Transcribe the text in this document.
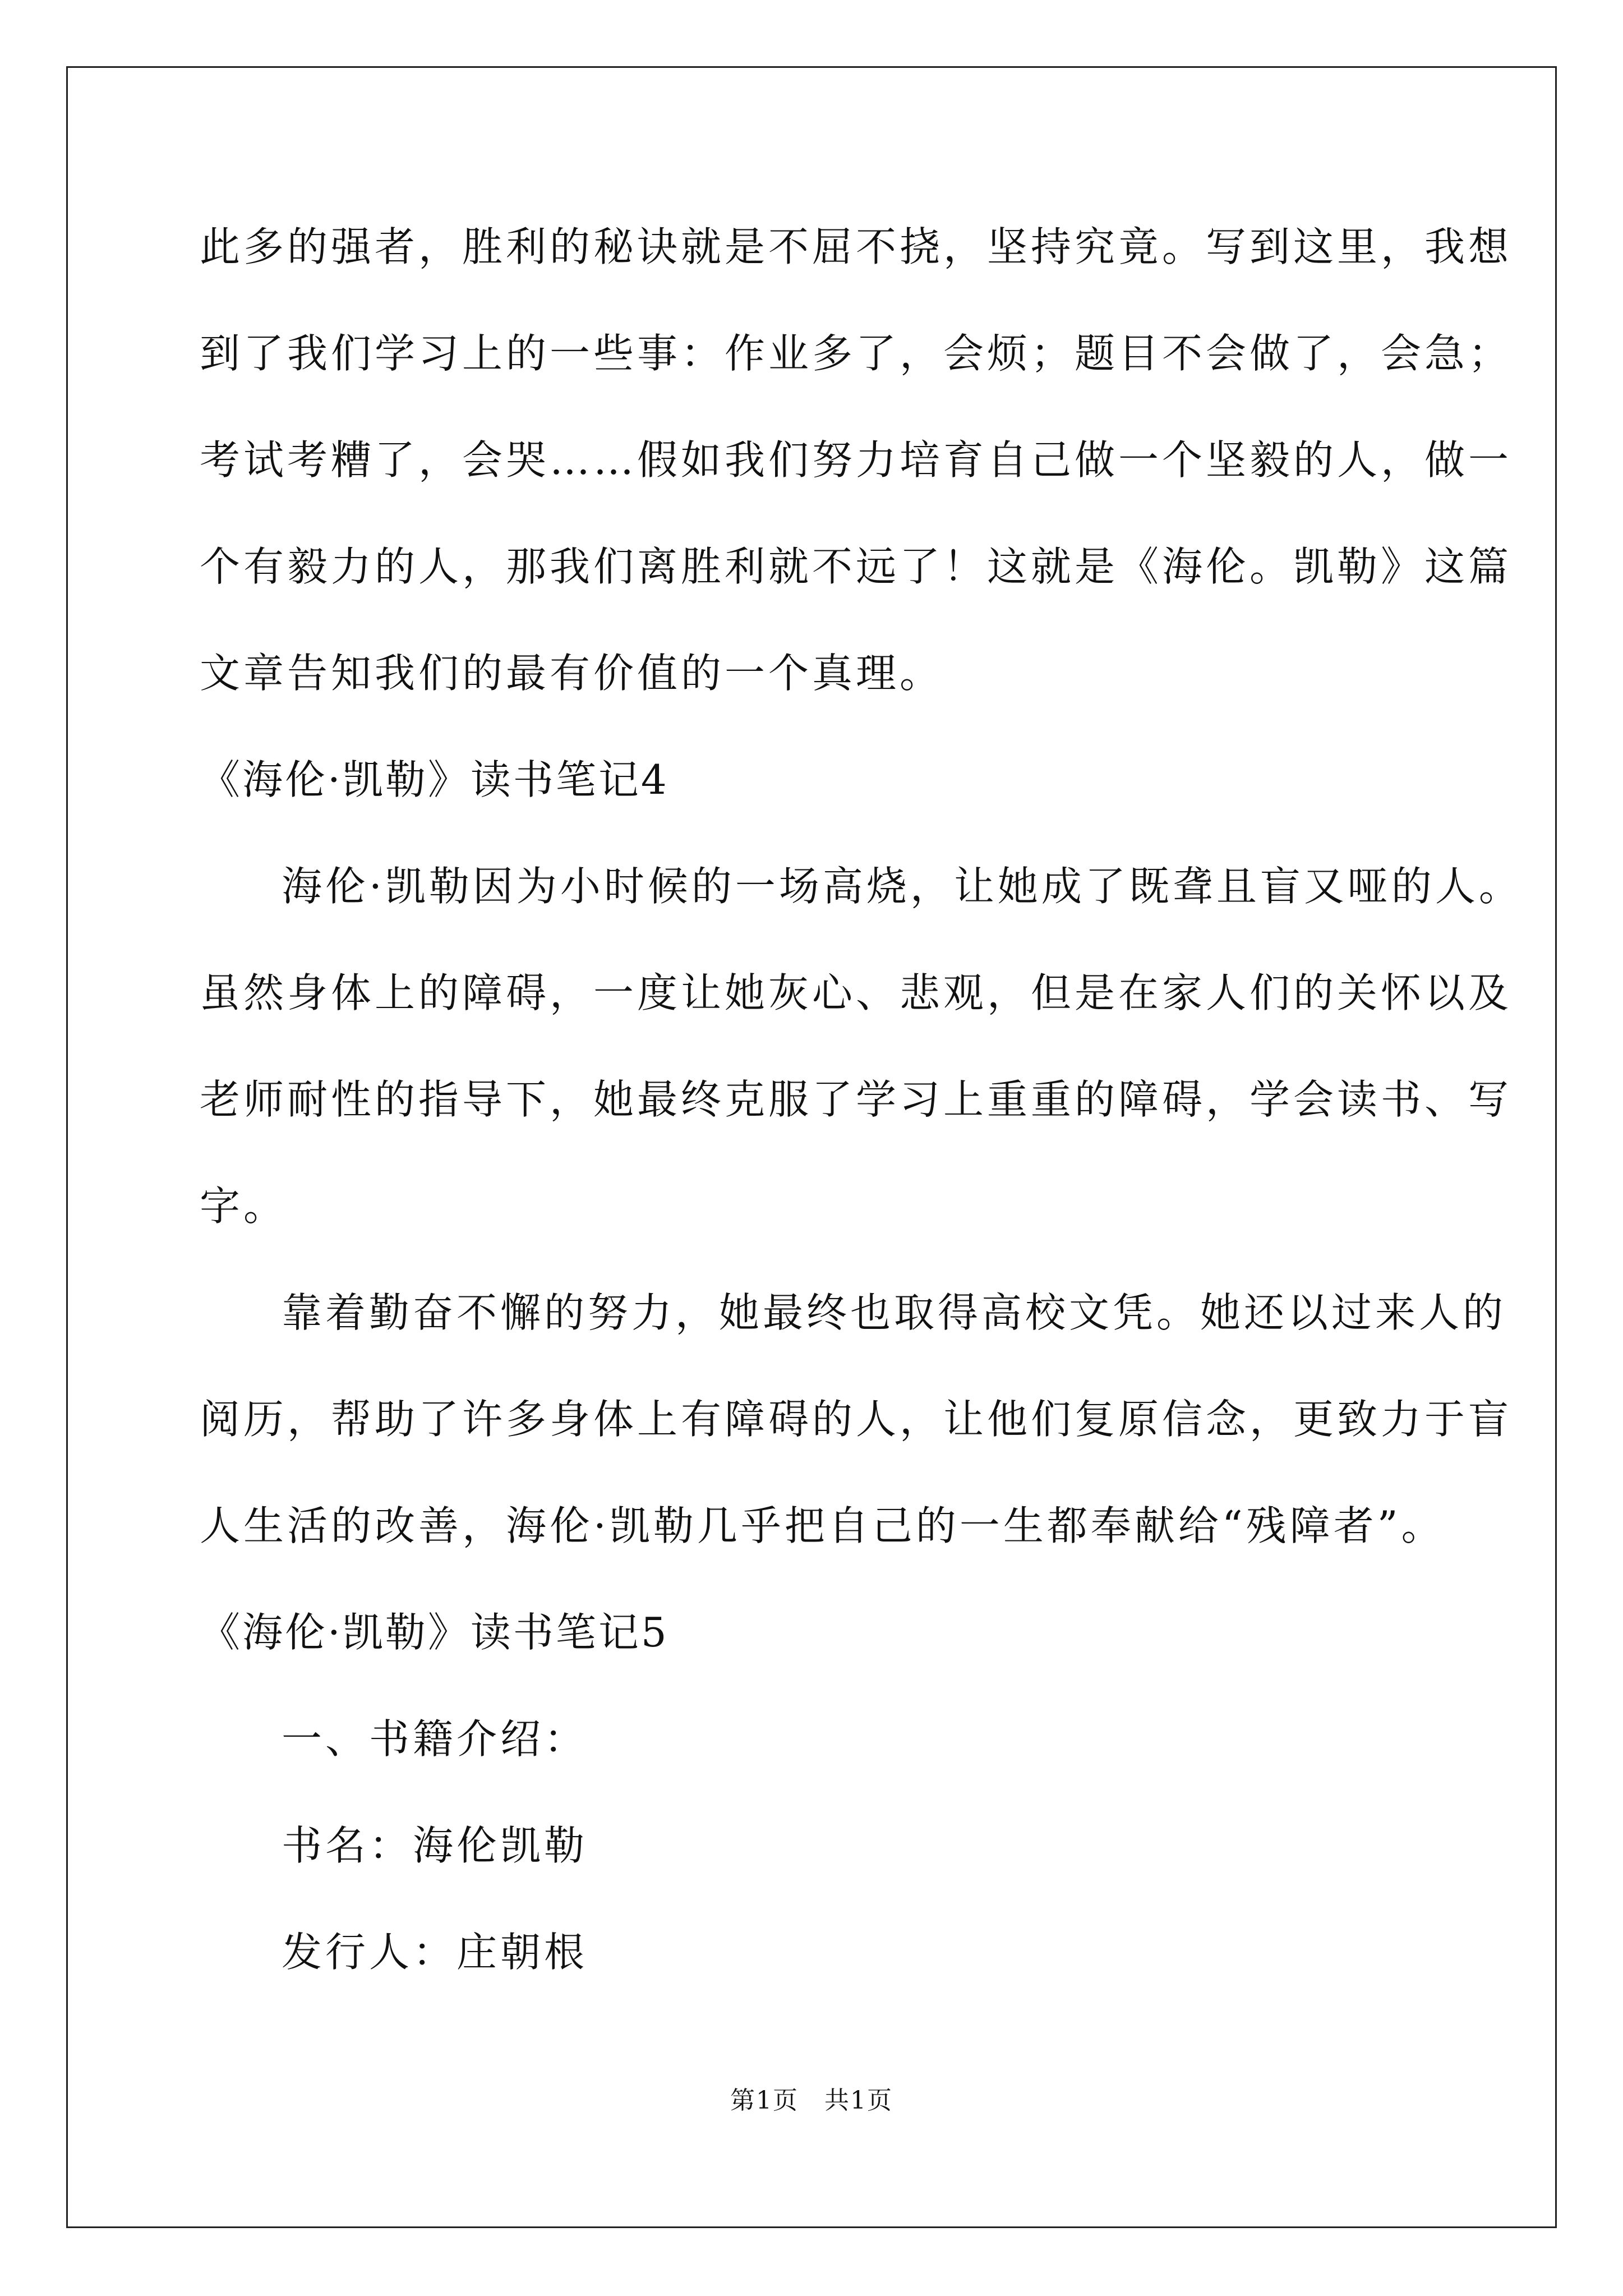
此多的强者，胜利的秘诀就是不屈不挠，坚持究竟。写到这里，我想
到了我们学习上的一些事：作业多了，会烦；题目不会做了，会急；
考试考糟了，会哭……假如我们努力培育自己做一个坚毅的人，做一
个有毅力的人，那我们离胜利就不远了！这就是《海伦。凯勒》这篇
文章告知我们的最有价值的一个真理。
《海伦·凯勒》读书笔记4
海伦·凯勒因为小时候的一场高烧，让她成了既聋且盲又哑的人。
虽然身体上的障碍，一度让她灰心、悲观，但是在家人们的关怀以及
老师耐性的指导下，她最终克服了学习上重重的障碍，学会读书、写
字。
靠着勤奋不懈的努力，她最终也取得高校文凭。她还以过来人的
阅历，帮助了许多身体上有障碍的人，让他们复原信念，更致力于盲
人生活的改善，海伦·凯勒几乎把自己的一生都奉献给“残障者”。
《海伦·凯勒》读书笔记5
一、书籍介绍：
书名：海伦凯勒
发行人：庄朝根
第1页　共1页
